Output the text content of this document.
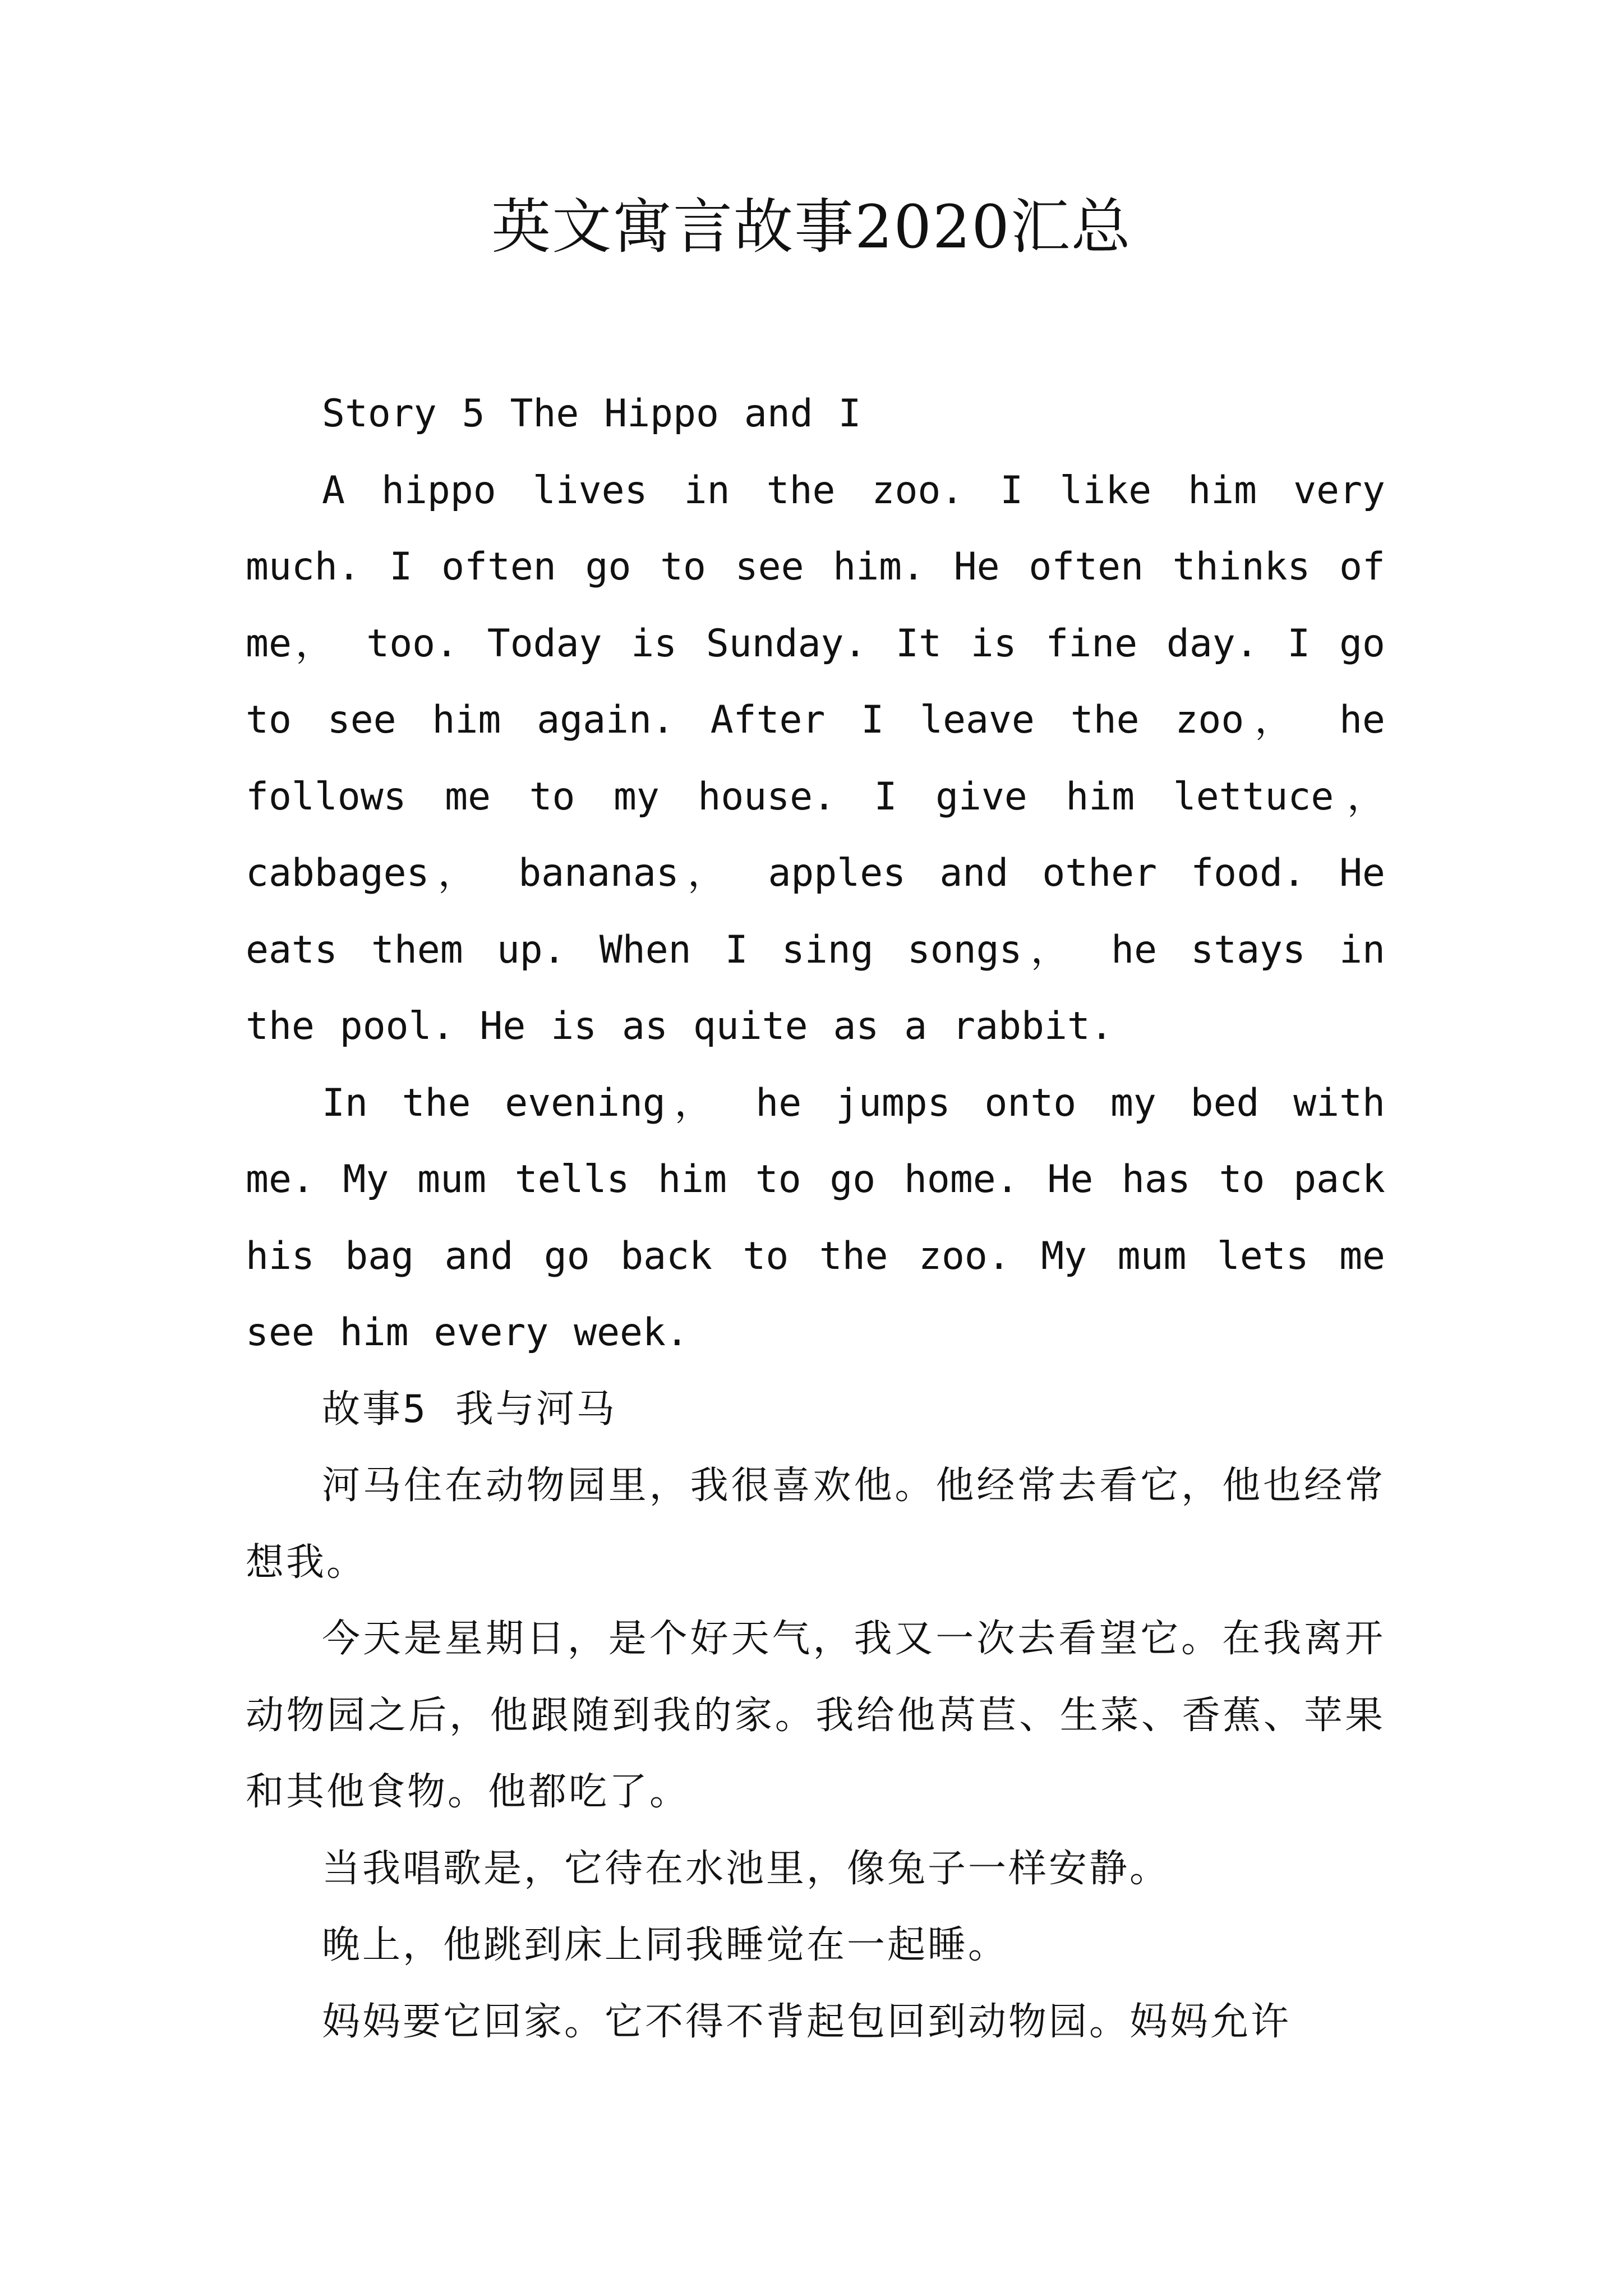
英文寓言故事2020汇总

Story 5 The Hippo and I

A hippo lives in the zoo. I like him very much. I often go to see him. He often thinks of me， too. Today is Sunday. It is fine day. I go to see him again. After I leave the zoo， he follows me to my house. I give him lettuce， cabbages， bananas， apples and other food. He eats them up. When I sing songs， he stays in the pool. He is as quite as a rabbit.

In the evening， he jumps onto my bed with me. My mum tells him to go home. He has to pack his bag and go back to the zoo. My mum lets me see him every week.

故事5 我与河马

河马住在动物园里，我很喜欢他。他经常去看它，他也经常想我。

今天是星期日，是个好天气，我又一次去看望它。在我离开动物园之后，他跟随到我的家。我给他莴苣、生菜、香蕉、苹果和其他食物。他都吃了。

当我唱歌是，它待在水池里，像兔子一样安静。

晚上，他跳到床上同我睡觉在一起睡。

妈妈要它回家。它不得不背起包回到动物园。妈妈允许
